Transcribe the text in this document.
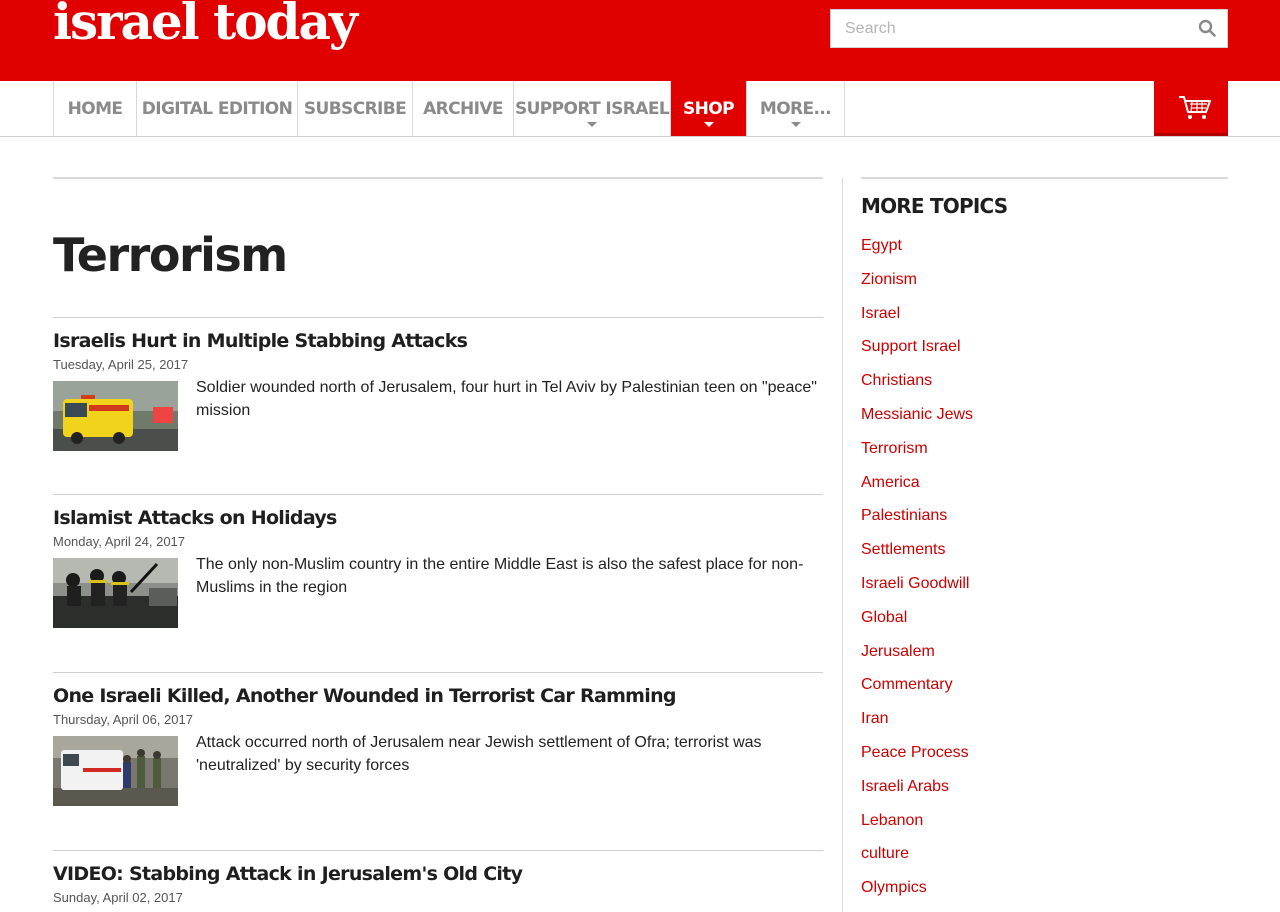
israel today
Search
HOME DIGITAL EDITION SUBSCRIBE ARCHIVE SUPPORT ISRAEL SHOP MORE...
Terrorism
Israelis Hurt in Multiple Stabbing Attacks
Tuesday, April 25, 2017
Soldier wounded north of Jerusalem, four hurt in Tel Aviv by Palestinian teen on "peace" mission
Islamist Attacks on Holidays
Monday, April 24, 2017
The only non-Muslim country in the entire Middle East is also the safest place for non-Muslims in the region
One Israeli Killed, Another Wounded in Terrorist Car Ramming
Thursday, April 06, 2017
Attack occurred north of Jerusalem near Jewish settlement of Ofra; terrorist was 'neutralized' by security forces
VIDEO: Stabbing Attack in Jerusalem's Old City
Sunday, April 02, 2017
MORE TOPICS
Egypt
Zionism
Israel
Support Israel
Christians
Messianic Jews
Terrorism
America
Palestinians
Settlements
Israeli Goodwill
Global
Jerusalem
Commentary
Iran
Peace Process
Israeli Arabs
Lebanon
culture
Olympics
